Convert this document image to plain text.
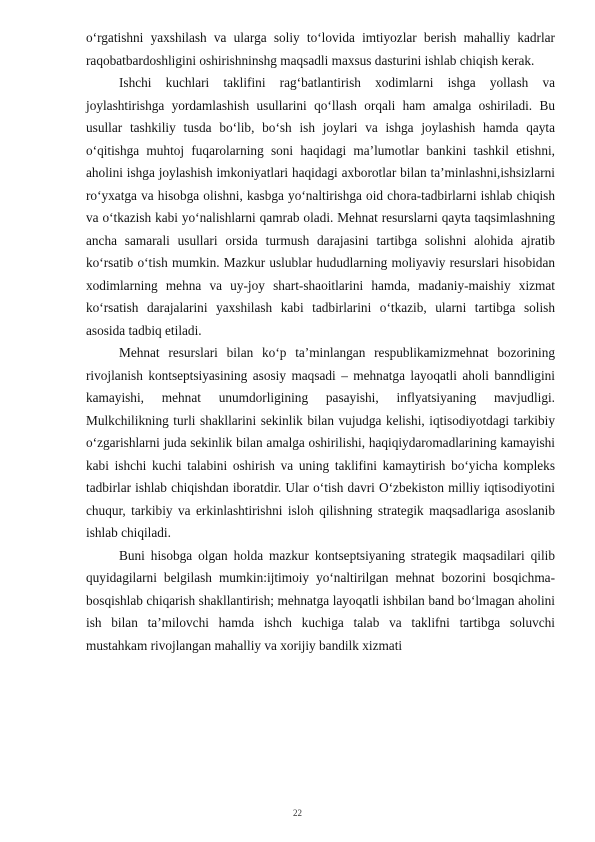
o‘rgatishni yaxshilash va ularga soliy to‘lovida imtiyozlar berish mahalliy kadrlar raqobatbardoshligini oshirishninshg maqsadli maxsus dasturini ishlab chiqish kerak.

Ishchi kuchlari taklifini rag‘batlantirish xodimlarni ishga yollash va joylashtirishga yordamlashish usullarini qo‘llash orqali ham amalga oshiriladi. Bu usullar tashkiliy tusda bo‘lib, bo‘sh ish joylari va ishga joylashish hamda qayta o‘qitishga muhtoj fuqarolarning soni haqidagi ma’lumotlar bankini tashkil etishni, aholini ishga joylashish imkoniyatlari haqidagi axborotlar bilan ta’minlashni,ishsizlarni ro‘yxatga va hisobga olishni, kasbga yo‘naltirishga oid chora-tadbirlarni ishlab chiqish va o‘tkazish kabi yo‘nalishlarni qamrab oladi. Mehnat resurslarni qayta taqsimlashning ancha samarali usullari orsida turmush darajasini tartibga solishni alohida ajratib ko‘rsatib o‘tish mumkin. Mazkur uslublar hududlarning moliyaviy resurslari hisobidan xodimlarning mehna va uy-joy shart-shaoitlarini hamda, madaniy-maishiy xizmat ko‘rsatish darajalarini yaxshilash kabi tadbirlarini o‘tkazib, ularni tartibga solish asosida tadbiq etiladi.

Mehnat resurslari bilan ko‘p ta’minlangan respublikamizmehnat bozorining rivojlanish kontseptsiyasining asosiy maqsadi – mehnatga layoqatli aholi banndligini kamayishi, mehnat unumdorligining pasayishi, inflyatsiyaning mavjudligi. Mulkchilikning turli shakllarini sekinlik bilan vujudga kelishi, iqtisodiyotdagi tarkibiy o‘zgarishlarni juda sekinlik bilan amalga oshirilishi, haqiqiydaromadlarining kamayishi kabi ishchi kuchi talabini oshirish va uning taklifini kamaytirish bo‘yicha kompleks tadbirlar ishlab chiqishdan iboratdir. Ular o‘tish davri O‘zbekiston milliy iqtisodiyotini chuqur, tarkibiy va erkinlashtirishni isloh qilishning strategik maqsadlariga asoslanib ishlab chiqiladi.

Buni hisobga olgan holda mazkur kontseptsiyaning strategik maqsadilari qilib quyidagilarni belgilash mumkin:ijtimoiy yo‘naltirilgan mehnat bozorini bosqichma-bosqishlab chiqarish shakllantirish; mehnatga layoqatli ishbilan band bo‘lmagan aholini ish bilan ta’milovchi hamda ishch kuchiga talab va taklifni tartibga soluvchi mustahkam rivojlangan mahalliy va xorijiy bandilk xizmati

22
